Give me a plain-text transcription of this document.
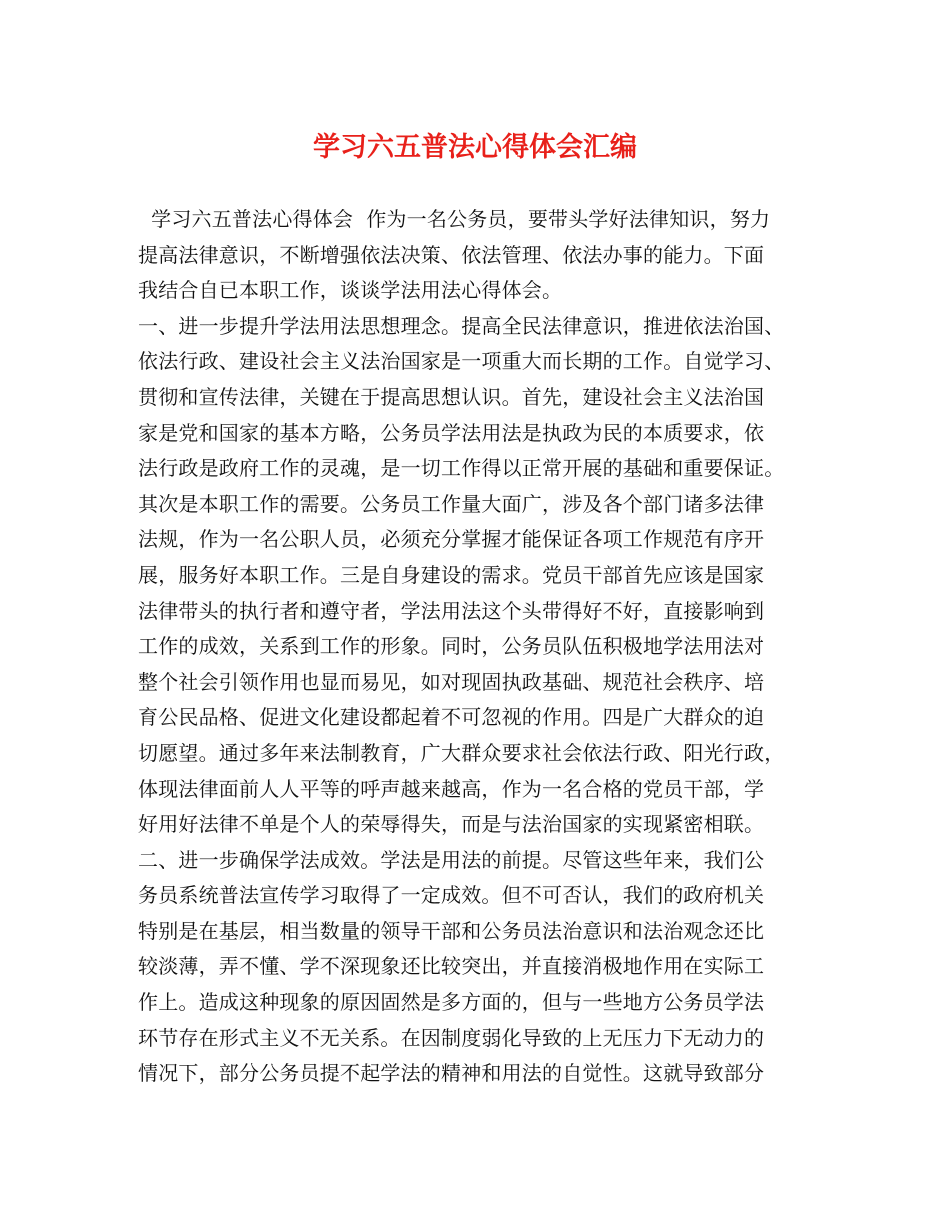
学习六五普法心得体会汇编
学习六五普法心得体会  作为一名公务员，要带头学好法律知识，努力
提高法律意识，不断增强依法决策、依法管理、依法办事的能力。下面
我结合自已本职工作，谈谈学法用法心得体会。
一、进一步提升学法用法思想理念。提高全民法律意识，推进依法治国、
依法行政、建设社会主义法治国家是一项重大而长期的工作。自觉学习、
贯彻和宣传法律，关键在于提高思想认识。首先，建设社会主义法治国
家是党和国家的基本方略，公务员学法用法是执政为民的本质要求，依
法行政是政府工作的灵魂，是一切工作得以正常开展的基础和重要保证。
其次是本职工作的需要。公务员工作量大面广，涉及各个部门诸多法律
法规，作为一名公职人员，必须充分掌握才能保证各项工作规范有序开
展，服务好本职工作。三是自身建设的需求。党员干部首先应该是国家
法律带头的执行者和遵守者，学法用法这个头带得好不好，直接影响到
工作的成效，关系到工作的形象。同时，公务员队伍积极地学法用法对
整个社会引领作用也显而易见，如对现固执政基础、规范社会秩序、培
育公民品格、促进文化建设都起着不可忽视的作用。四是广大群众的迫
切愿望。通过多年来法制教育，广大群众要求社会依法行政、阳光行政，
体现法律面前人人平等的呼声越来越高，作为一名合格的党员干部，学
好用好法律不单是个人的荣辱得失，而是与法治国家的实现紧密相联。
二、进一步确保学法成效。学法是用法的前提。尽管这些年来，我们公
务员系统普法宣传学习取得了一定成效。但不可否认，我们的政府机关
特别是在基层，相当数量的领导干部和公务员法治意识和法治观念还比
较淡薄，弄不懂、学不深现象还比较突出，并直接消极地作用在实际工
作上。造成这种现象的原因固然是多方面的，但与一些地方公务员学法
环节存在形式主义不无关系。在因制度弱化导致的上无压力下无动力的
情况下，部分公务员提不起学法的精神和用法的自觉性。这就导致部分
